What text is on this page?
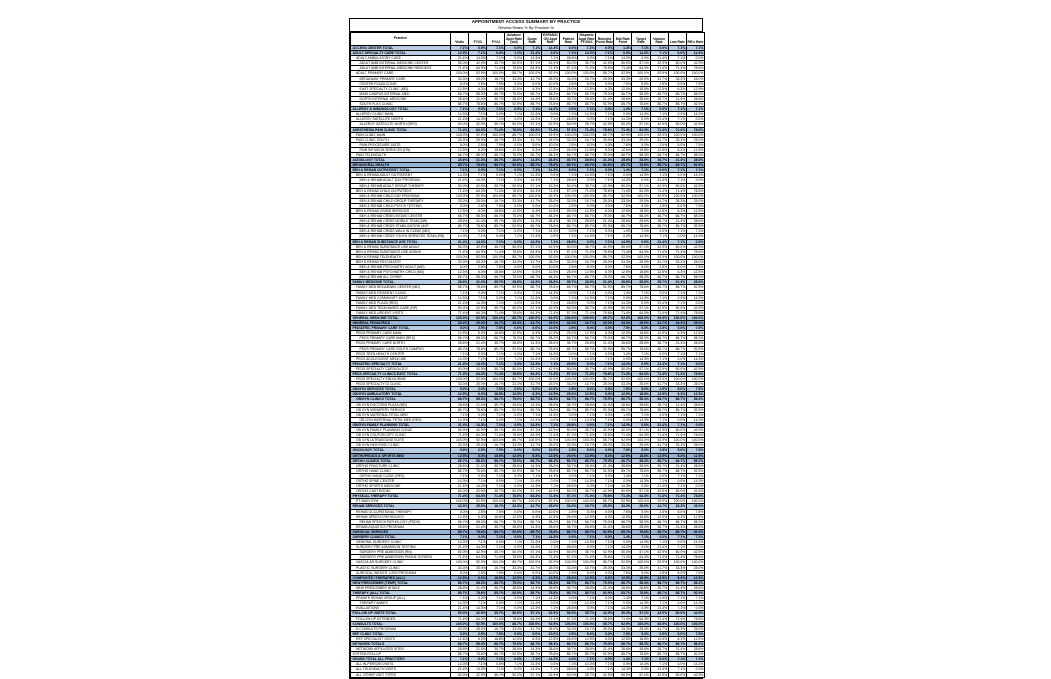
APPOINTMENT ACCESS SUMMARY BY PRACTICE
Review Rates % By Practice %
Practice	Visits	FY23	FY24	Advance Appt Rate (std)	Surge Rate	EXPANSION Appt Rate	Patient Rate	Hispanic Appt Rate FY2024	Blended Point Rate	Mid Rate Point	Target Rate	Volume Rate	Low Rate	RN's Rate
ACCESS CENTER TOTAL	7.1%	0.0%	7.1%	0.0%	7.1%	14.3%	0.0%	7.1%	0.0%	1.4%	7.1%	0.0%	7.1%	7.1%
ADULT SPECIALTY CARE TOTAL	14.3%	7.1%	0.0%	7.1%	21.4%	0.0%	7.1%	14.3%	7.1%	0.0%	14.3%	7.1%	0.0%	14.3%
ADULT AMBULATORY CARE	21.4%	14.3%	7.1%	0.0%	14.3%	7.1%	28.6%	0.0%	7.1%	14.3%	0.0%	21.4%	7.1%	0.0%
ADULT AMB INTERNAL MEDICINE CENTER	50.0%	42.9%	35.7%	50.0%	57.1%	42.9%	50.0%	35.7%	42.9%	50.0%	57.1%	42.9%	50.0%	42.9%
ADULT AMB INTERNAL MEDICINE RESIDENT	71.4%	64.3%	71.4%	78.6%	64.3%	71.4%	57.1%	71.4%	78.6%	71.4%	64.3%	71.4%	71.4%	78.6%
ADULT PRIMARY CARE	100.0%	92.9%	100.0%	85.7%	100.0%	92.9%	100.0%	100.0%	85.7%	92.9%	100.0%	92.9%	100.0%	100.0%
BROADWAY PRIMARY CARE	33.3%	25.0%	16.7%	33.3%	41.7%	25.0%	33.3%	16.7%	25.0%	33.3%	25.0%	41.7%	33.3%	25.0%
CENTER PLAZA CLINIC	5.0%	2.5%	7.5%	0.0%	5.0%	10.0%	2.5%	5.0%	0.0%	7.5%	5.0%	2.5%	5.0%	7.5%
EAST SPECIALTY CLINIC (MD)	12.5%	6.3%	18.8%	12.5%	6.3%	12.5%	25.0%	12.5%	6.3%	12.5%	18.8%	12.5%	6.3%	12.5%
MAIN CAMPUS INTERNAL MED	66.7%	58.3%	66.7%	75.0%	66.7%	58.3%	66.7%	66.7%	75.0%	66.7%	58.3%	66.7%	66.7%	58.3%
NORTH INTERNAL MEDICINE	28.6%	21.4%	35.7%	28.6%	14.3%	28.6%	35.7%	28.6%	21.4%	28.6%	28.6%	35.7%	21.4%	28.6%
SOUTH FLEX CLINIC	85.7%	78.6%	85.7%	92.9%	85.7%	78.6%	85.7%	85.7%	92.9%	85.7%	78.6%	85.7%	85.7%	92.9%
ALLERGY & IMMUNOLOGY TOTAL	7.1%	0.0%	7.1%	0.0%	7.1%	14.3%	0.0%	7.1%	0.0%	1.4%	7.1%	0.0%	7.1%	7.1%
ALLERGY CLINIC MAIN	14.3%	7.1%	0.0%	7.1%	21.4%	0.0%	7.1%	14.3%	7.1%	0.0%	14.3%	7.1%	0.0%	14.3%
ALLERGY SATELLITE NORTH	21.4%	14.3%	7.1%	0.0%	14.3%	7.1%	28.6%	0.0%	7.1%	14.3%	0.0%	21.4%	7.1%	0.0%
ALLERGY SATELLITE NORTH (RES)	50.0%	42.9%	35.7%	50.0%	57.1%	42.9%	50.0%	35.7%	42.9%	50.0%	57.1%	42.9%	50.0%	42.9%
ANESTHESIA PAIN CLINIC TOTAL	71.4%	64.3%	71.4%	78.6%	64.3%	71.4%	57.1%	71.4%	78.6%	71.4%	64.3%	71.4%	71.4%	78.6%
PAIN CLINIC MAIN	100.0%	92.9%	100.0%	85.7%	100.0%	92.9%	100.0%	100.0%	85.7%	92.9%	100.0%	92.9%	100.0%	100.0%
PAIN CLINIC SOUTH	33.3%	25.0%	16.7%	33.3%	41.7%	25.0%	33.3%	16.7%	25.0%	33.3%	25.0%	41.7%	33.3%	25.0%
PAIN PROCEDURE SUITE	5.0%	2.5%	7.5%	0.0%	5.0%	10.0%	2.5%	5.0%	0.0%	7.5%	5.0%	2.5%	5.0%	7.5%
PAIN INFUSION SERVICES (RN)	12.5%	6.3%	18.8%	12.5%	6.3%	12.5%	25.0%	12.5%	6.3%	12.5%	18.8%	12.5%	6.3%	12.5%
PAIN TELEHEALTH	66.7%	58.3%	66.7%	75.0%	66.7%	58.3%	66.7%	66.7%	75.0%	66.7%	58.3%	66.7%	66.7%	58.3%
AUDIOLOGY TOTAL	28.6%	21.4%	35.7%	28.6%	14.3%	28.6%	35.7%	28.6%	21.4%	28.6%	28.6%	35.7%	21.4%	28.6%
BEHAVIORAL HEALTH	85.7%	78.6%	85.7%	92.9%	85.7%	78.6%	85.7%	85.7%	92.9%	85.7%	78.6%	85.7%	85.7%	92.9%
BEH & REHAB OUTPATIENT TOTAL	7.1%	0.0%	7.1%	0.0%	7.1%	14.3%	0.0%	7.1%	0.0%	1.4%	7.1%	0.0%	7.1%	7.1%
BEH & REHAB ADULT OUTPATIENT	14.3%	7.1%	0.0%	7.1%	21.4%	0.0%	7.1%	14.3%	7.1%	0.0%	14.3%	7.1%	0.0%	14.3%
BEH & REHAB ADULT DAY PROGRAM	21.4%	14.3%	7.1%	0.0%	14.3%	7.1%	28.6%	0.0%	7.1%	14.3%	0.0%	21.4%	7.1%	0.0%
BEH & REHAB ADULT GROUP THERAPY	50.0%	42.9%	35.7%	50.0%	57.1%	42.9%	50.0%	35.7%	42.9%	50.0%	57.1%	42.9%	50.0%	42.9%
BEH & REHAB CHILD OUTPATIENT	71.4%	64.3%	71.4%	78.6%	64.3%	71.4%	57.1%	71.4%	78.6%	71.4%	64.3%	71.4%	71.4%	78.6%
BEH & REHAB CHILD DAY PROGRAM	100.0%	92.9%	100.0%	85.7%	100.0%	92.9%	100.0%	100.0%	85.7%	92.9%	100.0%	92.9%	100.0%	100.0%
BEH & REHAB CHILD GROUP THERAPY	33.3%	25.0%	16.7%	33.3%	41.7%	25.0%	33.3%	16.7%	25.0%	33.3%	25.0%	41.7%	33.3%	25.0%
BEH & REHAB CHILD PSYCH TESTING	5.0%	2.5%	7.5%	0.0%	5.0%	10.0%	2.5%	5.0%	0.0%	7.5%	5.0%	2.5%	5.0%	7.5%
BEH & REHAB CRISIS SERVICES	12.5%	6.3%	18.8%	12.5%	6.3%	12.5%	25.0%	12.5%	6.3%	12.5%	18.8%	12.5%	6.3%	12.5%
BEH & REHAB CRISIS INTAKE CENTER	66.7%	58.3%	66.7%	75.0%	66.7%	58.3%	66.7%	66.7%	75.0%	66.7%	58.3%	66.7%	66.7%	58.3%
BEH & REHAB CRISIS MOBILE TEAM (SW)	28.6%	21.4%	35.7%	28.6%	14.3%	28.6%	35.7%	28.6%	21.4%	28.6%	28.6%	35.7%	21.4%	28.6%
BEH & REHAB CRISIS STABILIZATION UNIT	85.7%	78.6%	85.7%	92.9%	85.7%	78.6%	85.7%	85.7%	92.9%	85.7%	78.6%	85.7%	85.7%	92.9%
BEH & REHAB CRISIS WALK IN CLINIC (MD)	7.1%	0.0%	7.1%	0.0%	7.1%	14.3%	0.0%	7.1%	0.0%	1.4%	7.1%	0.0%	7.1%	7.1%
BEH & REHAB CRISIS YOUTH SERVICES TEAM (SW)	14.3%	7.1%	0.0%	7.1%	21.4%	0.0%	7.1%	14.3%	7.1%	0.0%	14.3%	7.1%	0.0%	14.3%
BEH & REHAB SUBSTANCE USE TOTAL	21.4%	14.3%	7.1%	0.0%	14.3%	7.1%	28.6%	0.0%	7.1%	14.3%	0.0%	21.4%	7.1%	0.0%
BEH & REHAB SUBSTANCE USE ADULT	50.0%	42.9%	35.7%	50.0%	57.1%	42.9%	50.0%	35.7%	42.9%	50.0%	57.1%	42.9%	50.0%	42.9%
BEH & REHAB SUBSTANCE USE INTAKE	71.4%	64.3%	71.4%	78.6%	64.3%	71.4%	57.1%	71.4%	78.6%	71.4%	64.3%	71.4%	71.4%	78.6%
BEH & REHAB TELEHEALTH	100.0%	92.9%	100.0%	85.7%	100.0%	92.9%	100.0%	100.0%	85.7%	92.9%	100.0%	92.9%	100.0%	100.0%
BEH & REHAB PSYCHIATRY	33.3%	25.0%	16.7%	33.3%	41.7%	25.0%	33.3%	16.7%	25.0%	33.3%	25.0%	41.7%	33.3%	25.0%
BEH & REHAB PSYCHIATRY ADULT (MD)	5.0%	2.5%	7.5%	0.0%	5.0%	10.0%	2.5%	5.0%	0.0%	7.5%	5.0%	2.5%	5.0%	7.5%
BEH & REHAB PSYCHIATRY CHILD (MD)	12.5%	6.3%	18.8%	12.5%	6.3%	12.5%	25.0%	12.5%	6.3%	12.5%	18.8%	12.5%	6.3%	12.5%
BEH & REHAB ALL OTHER	66.7%	58.3%	66.7%	75.0%	66.7%	58.3%	66.7%	66.7%	75.0%	66.7%	58.3%	66.7%	66.7%	58.3%
FAMILY MEDICINE TOTAL	28.6%	21.4%	35.7%	28.6%	14.3%	28.6%	35.7%	28.6%	21.4%	28.6%	28.6%	35.7%	21.4%	28.6%
FAMILY MED BROADWAY CENTER (MD)	85.7%	78.6%	85.7%	92.9%	85.7%	78.6%	85.7%	85.7%	92.9%	85.7%	78.6%	85.7%	85.7%	92.9%
FAMILY MED RESIDENT CLINIC	7.1%	0.0%	7.1%	0.0%	7.1%	14.3%	0.0%	7.1%	0.0%	1.4%	7.1%	0.0%	7.1%	7.1%
FAMILY MED COMMUNITY EAST	14.3%	7.1%	0.0%	7.1%	21.4%	0.0%	7.1%	14.3%	7.1%	0.0%	14.3%	7.1%	0.0%	14.3%
FAMILY MED PLAZA (RES)	21.4%	14.3%	7.1%	0.0%	14.3%	7.1%	28.6%	0.0%	7.1%	14.3%	0.0%	21.4%	7.1%	0.0%
FAMILY MED TEAM BASED CARE (NP)	50.0%	42.9%	35.7%	50.0%	57.1%	42.9%	50.0%	35.7%	42.9%	50.0%	57.1%	42.9%	50.0%	42.9%
FAMILY MED URGENT VISITS	71.4%	64.3%	71.4%	78.6%	64.3%	71.4%	57.1%	71.4%	78.6%	71.4%	64.3%	71.4%	71.4%	78.6%
GENERAL MEDICINE TOTAL	100.0%	92.9%	100.0%	85.7%	100.0%	92.9%	100.0%	100.0%	85.7%	92.9%	100.0%	92.9%	100.0%	100.0%
GENERAL PEDIATRICS	33.3%	25.0%	16.7%	33.3%	41.7%	25.0%	33.3%	16.7%	25.0%	33.3%	25.0%	41.7%	33.3%	25.0%
PEDIATRIC PRIMARY CARE TOTAL	5.0%	2.5%	7.5%	0.0%	5.0%	10.0%	2.5%	5.0%	0.0%	7.5%	5.0%	2.5%	5.0%	7.5%
PEDS PRIMARY CARE MAIN	12.5%	6.3%	18.8%	12.5%	6.3%	12.5%	25.0%	12.5%	6.3%	12.5%	18.8%	12.5%	6.3%	12.5%
PEDS PRIMARY CARE MAIN (RES)	66.7%	58.3%	66.7%	75.0%	66.7%	58.3%	66.7%	66.7%	75.0%	66.7%	58.3%	66.7%	66.7%	58.3%
PEDS PRIMARY CARE NORTH	28.6%	21.4%	35.7%	28.6%	14.3%	28.6%	35.7%	28.6%	21.4%	28.6%	28.6%	35.7%	21.4%	28.6%
PEDS PRIMARY CARE SOUTH CAMPUS	85.7%	78.6%	85.7%	92.9%	85.7%	78.6%	85.7%	85.7%	92.9%	85.7%	78.6%	85.7%	85.7%	92.9%
PEDS TEEN HEALTH CENTER	7.1%	0.0%	7.1%	0.0%	7.1%	14.3%	0.0%	7.1%	0.0%	1.4%	7.1%	0.0%	7.1%	7.1%
PEDS ADOLESCENT MEDICINE	14.3%	7.1%	0.0%	7.1%	21.4%	0.0%	7.1%	14.3%	7.1%	0.0%	14.3%	7.1%	0.0%	14.3%
PEDIATRIC SPECIALTY TOTAL	21.4%	14.3%	7.1%	0.0%	14.3%	7.1%	28.6%	0.0%	7.1%	14.3%	0.0%	21.4%	7.1%	0.0%
PEDS SPECIALTY CARDIOLOGY	50.0%	42.9%	35.7%	50.0%	57.1%	42.9%	50.0%	35.7%	42.9%	50.0%	57.1%	42.9%	50.0%	42.9%
PEDS SPECIALTY CLINICS EAST TOTAL	71.4%	64.3%	71.4%	78.6%	64.3%	71.4%	57.1%	71.4%	78.6%	71.4%	64.3%	71.4%	71.4%	78.6%
PEDS SPECIALTY ENDOCRINE	100.0%	92.9%	100.0%	85.7%	100.0%	92.9%	100.0%	100.0%	85.7%	92.9%	100.0%	92.9%	100.0%	100.0%
PEDS SPECIALTY GI CLINIC	33.3%	25.0%	16.7%	33.3%	41.7%	25.0%	33.3%	16.7%	25.0%	33.3%	25.0%	41.7%	33.3%	25.0%
OB/GYN SERVICES TOTAL	5.0%	2.5%	7.5%	0.0%	5.0%	10.0%	2.5%	5.0%	0.0%	7.5%	5.0%	2.5%	5.0%	7.5%
OB/GYN AMBULATORY TOTAL	12.5%	6.3%	18.8%	12.5%	6.3%	12.5%	25.0%	12.5%	6.3%	12.5%	18.8%	12.5%	6.3%	12.5%
OB/GYN CLINICS TOTAL	66.7%	58.3%	66.7%	75.0%	66.7%	58.3%	66.7%	66.7%	75.0%	66.7%	58.3%	66.7%	66.7%	58.3%
OB GYN DOCTORS PLAZA (MD)	28.6%	21.4%	35.7%	28.6%	14.3%	28.6%	35.7%	28.6%	21.4%	28.6%	28.6%	35.7%	21.4%	28.6%
OB GYN MIDWIFERY SERVICE	85.7%	78.6%	85.7%	92.9%	85.7%	78.6%	85.7%	85.7%	92.9%	85.7%	78.6%	85.7%	85.7%	92.9%
OB GYN MATERNAL FETAL MED	7.1%	0.0%	7.1%	0.0%	7.1%	14.3%	0.0%	7.1%	0.0%	1.4%	7.1%	0.0%	7.1%	7.1%
OB GYN MATERNAL FETAL MED (RES)	14.3%	7.1%	0.0%	7.1%	21.4%	0.0%	7.1%	14.3%	7.1%	0.0%	14.3%	7.1%	0.0%	14.3%
OB/GYN FAMILY PLANNING TOTAL	21.4%	14.3%	7.1%	0.0%	14.3%	7.1%	28.6%	0.0%	7.1%	14.3%	0.0%	21.4%	7.1%	0.0%
OB GYN FAMILY PLANNING CLINIC	50.0%	42.9%	35.7%	50.0%	57.1%	42.9%	50.0%	35.7%	42.9%	50.0%	57.1%	42.9%	50.0%	42.9%
OB GYN COLPOSCOPY CLINIC	71.4%	64.3%	71.4%	78.6%	64.3%	71.4%	57.1%	71.4%	78.6%	71.4%	64.3%	71.4%	71.4%	78.6%
OB GYN ULTRASOUND SUITE	100.0%	92.9%	100.0%	85.7%	100.0%	92.9%	100.0%	100.0%	85.7%	92.9%	100.0%	92.9%	100.0%	100.0%
OB GYN HIGH RISK CLINIC	33.3%	25.0%	16.7%	33.3%	41.7%	25.0%	33.3%	16.7%	25.0%	33.3%	25.0%	41.7%	33.3%	25.0%
ONCOLOGY TOTAL	5.0%	2.5%	7.5%	0.0%	5.0%	10.0%	2.5%	5.0%	0.0%	7.5%	5.0%	2.5%	5.0%	7.5%
ORTHOPEDICS & SPORTS MED	12.5%	6.3%	18.8%	12.5%	6.3%	12.5%	25.0%	12.5%	6.3%	12.5%	18.8%	12.5%	6.3%	12.5%
ORTHO CLINICS TOTAL	66.7%	58.3%	66.7%	75.0%	66.7%	58.3%	66.7%	66.7%	75.0%	66.7%	58.3%	66.7%	66.7%	58.3%
ORTHO FRACTURE CLINIC	28.6%	21.4%	35.7%	28.6%	14.3%	28.6%	35.7%	28.6%	21.4%	28.6%	28.6%	35.7%	21.4%	28.6%
ORTHO HAND CLINIC	85.7%	78.6%	85.7%	92.9%	85.7%	78.6%	85.7%	85.7%	92.9%	85.7%	78.6%	85.7%	85.7%	92.9%
ORTHO HAND CLINIC (RES)	7.1%	0.0%	7.1%	0.0%	7.1%	14.3%	0.0%	7.1%	0.0%	1.4%	7.1%	0.0%	7.1%	7.1%
ORTHO SPINE CENTER	14.3%	7.1%	0.0%	7.1%	21.4%	0.0%	7.1%	14.3%	7.1%	0.0%	14.3%	7.1%	0.0%	14.3%
ORTHO SPORTS MEDICINE	21.4%	14.3%	7.1%	0.0%	14.3%	7.1%	28.6%	0.0%	7.1%	14.3%	0.0%	21.4%	7.1%	0.0%
ORTHO CAST ROOM	50.0%	42.9%	35.7%	50.0%	57.1%	42.9%	50.0%	35.7%	42.9%	50.0%	57.1%	42.9%	50.0%	42.9%
PHYSICAL THERAPY TOTAL	71.4%	64.3%	71.4%	78.6%	64.3%	71.4%	57.1%	71.4%	78.6%	71.4%	64.3%	71.4%	71.4%	78.6%
PT MAIN GYM	100.0%	92.9%	100.0%	85.7%	100.0%	92.9%	100.0%	100.0%	85.7%	92.9%	100.0%	92.9%	100.0%	100.0%
REHAB SERVICES TOTAL	33.3%	25.0%	16.7%	33.3%	41.7%	25.0%	33.3%	16.7%	25.0%	33.3%	25.0%	41.7%	33.3%	25.0%
REHAB OCCUPATIONAL THERAPY	5.0%	2.5%	7.5%	0.0%	5.0%	10.0%	2.5%	5.0%	0.0%	7.5%	5.0%	2.5%	5.0%	7.5%
REHAB SPEECH PATHOLOGY	12.5%	6.3%	18.8%	12.5%	6.3%	12.5%	25.0%	12.5%	6.3%	12.5%	18.8%	12.5%	6.3%	12.5%
REHAB SPEECH PATHOLOGY (PEDS)	66.7%	58.3%	66.7%	75.0%	66.7%	58.3%	66.7%	66.7%	75.0%	66.7%	58.3%	66.7%	66.7%	58.3%
REHAB AQUATICS PROGRAM	28.6%	21.4%	35.7%	28.6%	14.3%	28.6%	35.7%	28.6%	21.4%	28.6%	28.6%	35.7%	21.4%	28.6%
SURGICAL SERVICES	85.7%	78.6%	85.7%	92.9%	85.7%	78.6%	85.7%	85.7%	92.9%	85.7%	78.6%	85.7%	85.7%	92.9%
SURGERY CLINICS TOTAL	7.1%	0.0%	7.1%	0.0%	7.1%	14.3%	0.0%	7.1%	0.0%	1.4%	7.1%	0.0%	7.1%	7.1%
GENERAL SURGERY CLINIC	14.3%	7.1%	0.0%	7.1%	21.4%	0.0%	7.1%	14.3%	7.1%	0.0%	14.3%	7.1%	0.0%	14.3%
SURGERY PRE ADMISSION TESTING	21.4%	14.3%	7.1%	0.0%	14.3%	7.1%	28.6%	0.0%	7.1%	14.3%	0.0%	21.4%	7.1%	0.0%
SURGERY PRE ADMISSION (RN)	50.0%	42.9%	35.7%	50.0%	57.1%	42.9%	50.0%	35.7%	42.9%	50.0%	57.1%	42.9%	50.0%	42.9%
SURGERY PRE ADMISSION PHONE SCREEN	71.4%	64.3%	71.4%	78.6%	64.3%	71.4%	57.1%	71.4%	78.6%	71.4%	64.3%	71.4%	71.4%	78.6%
VASCULAR SURGERY CLINIC	100.0%	92.9%	100.0%	85.7%	100.0%	92.9%	100.0%	100.0%	85.7%	92.9%	100.0%	92.9%	100.0%	100.0%
PLASTIC SURGERY CLINIC	33.3%	25.0%	16.7%	33.3%	41.7%	25.0%	33.3%	16.7%	25.0%	33.3%	25.0%	41.7%	33.3%	25.0%
SURGICAL WEIGHT LOSS PROGRAM	5.0%	2.5%	7.5%	0.0%	5.0%	10.0%	2.5%	5.0%	0.0%	7.5%	5.0%	2.5%	5.0%	7.5%
COMPOSITE / THERAPIES (ALL)	12.5%	6.3%	18.8%	12.5%	6.3%	12.5%	25.0%	12.5%	6.3%	12.5%	18.8%	12.5%	6.3%	12.5%
NEW PRESCRIBER (TEMP) TOTAL	66.7%	58.3%	66.7%	75.0%	66.7%	58.3%	66.7%	66.7%	75.0%	66.7%	58.3%	66.7%	66.7%	58.3%
NEW PRESCRIBER INTAKE	28.6%	21.4%	35.7%	28.6%	14.3%	28.6%	35.7%	28.6%	21.4%	28.6%	28.6%	35.7%	21.4%	28.6%
THERAPY (ALL) TOTAL	85.7%	78.6%	85.7%	92.9%	85.7%	78.6%	85.7%	85.7%	92.9%	85.7%	78.6%	85.7%	85.7%	92.9%
PRIVATE REHAB GROUP (ALL)	7.1%	0.0%	7.1%	0.0%	7.1%	14.3%	0.0%	7.1%	0.0%	1.4%	7.1%	0.0%	7.1%	7.1%
THERAPY ANNEX	14.3%	7.1%	0.0%	7.1%	21.4%	0.0%	7.1%	14.3%	7.1%	0.0%	14.3%	7.1%	0.0%	14.3%
EVALUATIONS	21.4%	14.3%	7.1%	0.0%	14.3%	7.1%	28.6%	0.0%	7.1%	14.3%	0.0%	21.4%	7.1%	0.0%
FOLLOW UP VISITS TOTAL	50.0%	42.9%	35.7%	50.0%	57.1%	42.9%	50.0%	35.7%	42.9%	50.0%	57.1%	42.9%	50.0%	42.9%
FOLLOW UP EXTENDED	71.4%	64.3%	71.4%	78.6%	64.3%	71.4%	57.1%	71.4%	78.6%	71.4%	64.3%	71.4%	71.4%	78.6%
CONSULTS TOTAL	100.0%	92.9%	100.0%	85.7%	100.0%	92.9%	100.0%	100.0%	85.7%	92.9%	100.0%	92.9%	100.0%	100.0%
E-CONSULTS PROGRAM	33.3%	25.0%	16.7%	33.3%	41.7%	25.0%	33.3%	16.7%	25.0%	33.3%	25.0%	41.7%	33.3%	25.0%
REF CLINIC TOTAL	5.0%	2.5%	7.5%	0.0%	5.0%	10.0%	2.5%	5.0%	0.0%	7.5%	5.0%	2.5%	5.0%	7.5%
REF SPECIALIST VISITS	12.5%	6.3%	18.8%	12.5%	6.3%	12.5%	25.0%	12.5%	6.3%	12.5%	18.8%	12.5%	6.3%	12.5%
NETWORK TOTALS	66.7%	58.3%	66.7%	75.0%	66.7%	58.3%	66.7%	66.7%	75.0%	66.7%	58.3%	66.7%	66.7%	58.3%
NETWORK AFFILIATED SITES	28.6%	21.4%	35.7%	28.6%	14.3%	28.6%	35.7%	28.6%	21.4%	28.6%	28.6%	35.7%	21.4%	28.6%
SYSTEM ROLLUP	85.7%	78.6%	85.7%	92.9%	85.7%	78.6%	85.7%	85.7%	92.9%	85.7%	78.6%	85.7%	85.7%	92.9%
GRAND TOTAL ALL PRACTICES	7.1%	0.0%	7.1%	0.0%	7.1%	14.3%	0.0%	7.1%	0.0%	1.4%	7.1%	0.0%	7.1%	7.1%
ALL IN-PERSON VISITS	14.3%	7.1%	0.0%	7.1%	21.4%	0.0%	7.1%	14.3%	7.1%	0.0%	14.3%	7.1%	0.0%	14.3%
ALL TELEHEALTH VISITS	21.4%	14.3%	7.1%	0.0%	14.3%	7.1%	28.6%	0.0%	7.1%	14.3%	0.0%	21.4%	7.1%	0.0%
ALL OTHER VISIT TYPES	50.0%	42.9%	35.7%	50.0%	57.1%	42.9%	50.0%	35.7%	42.9%	50.0%	57.1%	42.9%	50.0%	42.9%
